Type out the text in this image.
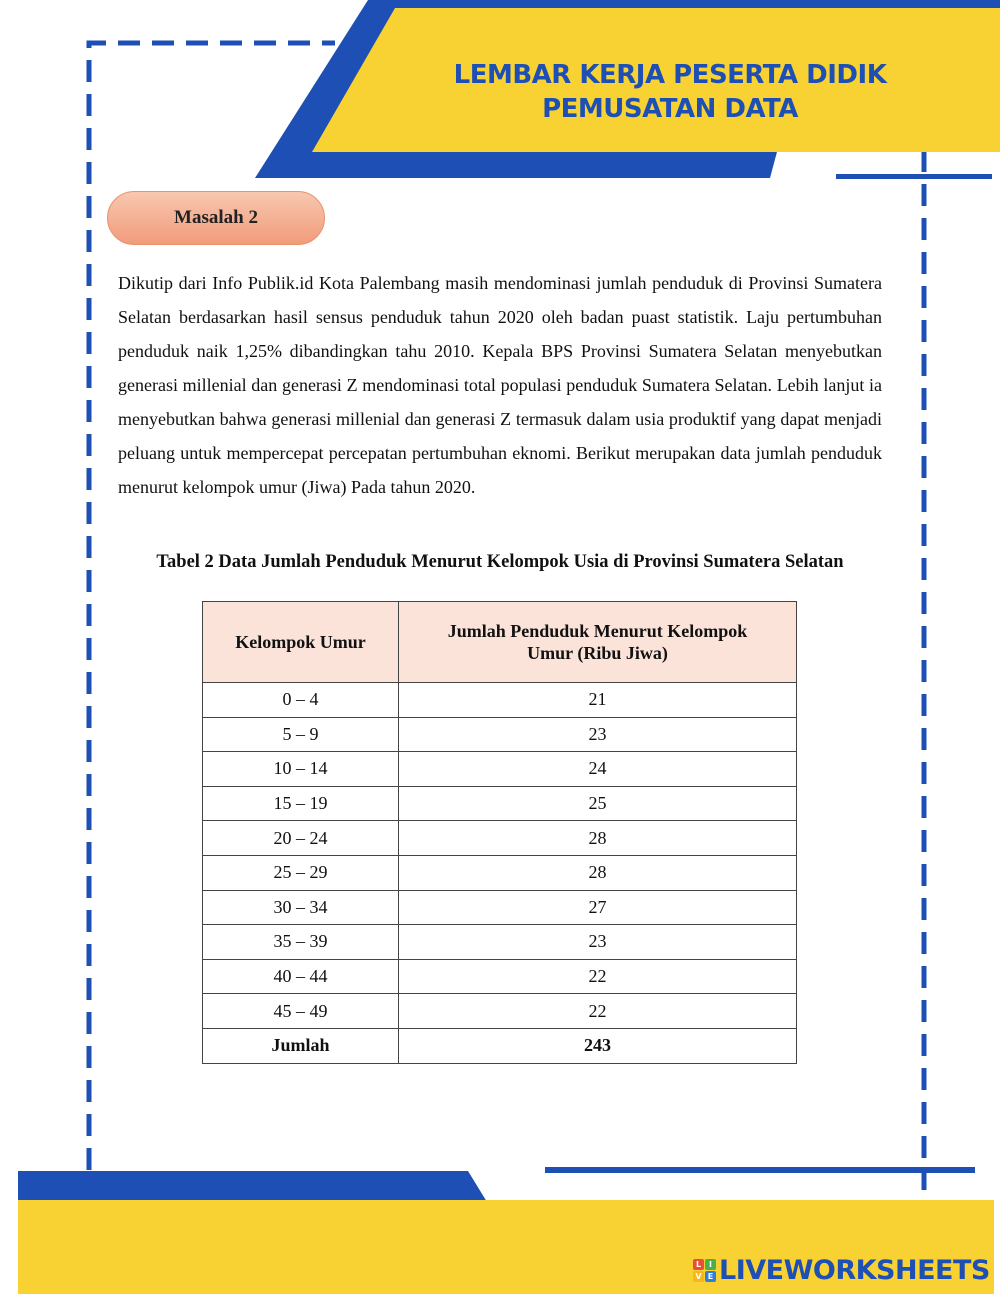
LEMBAR KERJA PESERTA DIDIK
PEMUSATAN DATA
Masalah 2

Dikutip dari Info Publik.id Kota Palembang masih mendominasi jumlah penduduk di Provinsi Sumatera Selatan berdasarkan hasil sensus penduduk tahun 2020 oleh badan puast statistik. Laju pertumbuhan penduduk naik 1,25% dibandingkan tahu 2010. Kepala BPS Provinsi Sumatera Selatan menyebutkan generasi millenial dan generasi Z mendominasi total populasi penduduk Sumatera Selatan. Lebih lanjut ia menyebutkan bahwa generasi millenial dan generasi Z termasuk dalam usia produktif yang dapat menjadi peluang untuk mempercepat percepatan pertumbuhan eknomi. Berikut merupakan data jumlah penduduk menurut kelompok umur (Jiwa) Pada tahun 2020.

Tabel 2 Data Jumlah Penduduk Menurut Kelompok Usia di Provinsi Sumatera Selatan
Kelompok Umur	Jumlah Penduduk Menurut Kelompok Umur (Ribu Jiwa)

0 – 4	21
5 – 9	23
10 – 14	24
15 – 19	25
20 – 24	28
25 – 29	28
30 – 34	27
35 – 39	23
40 – 44	22
45 – 49	22
Jumlah	243
L I
V E LIVEWORKSHEETS
